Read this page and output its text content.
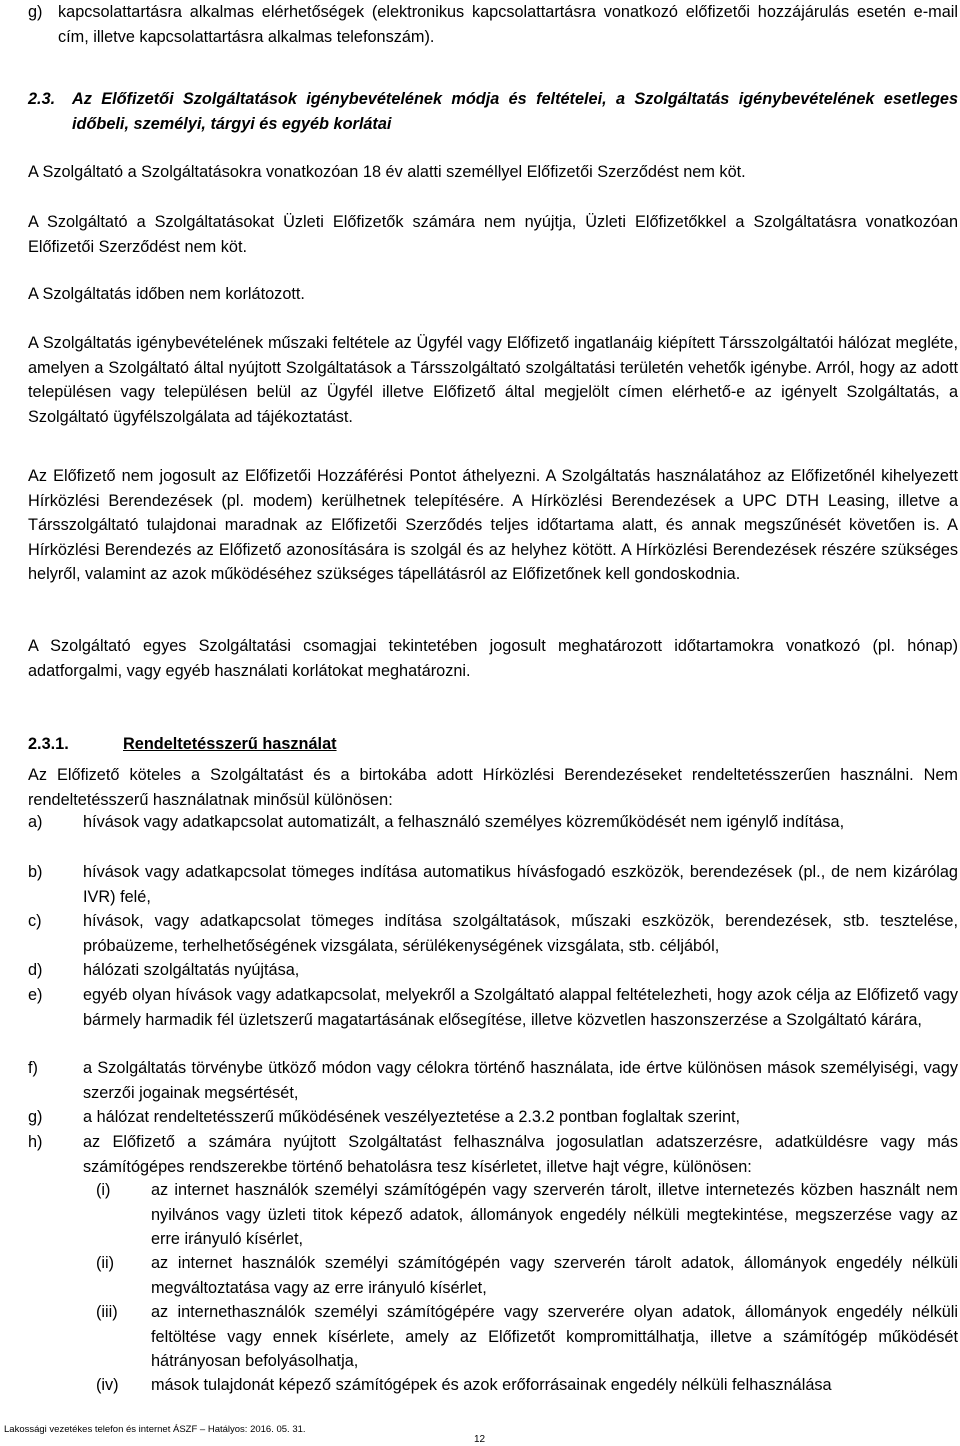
g) kapcsolattartásra alkalmas elérhetőségek (elektronikus kapcsolattartásra vonatkozó előfizetői hozzájárulás esetén e-mail cím, illetve kapcsolattartásra alkalmas telefonszám).
2.3.	Az Előfizetői Szolgáltatások igénybevételének módja és feltételei, a Szolgáltatás igénybevételének esetleges időbeli, személyi, tárgyi és egyéb korlátai

A Szolgáltató a Szolgáltatásokra vonatkozóan 18 év alatti személlyel Előfizetői Szerződést nem köt.

A Szolgáltató a Szolgáltatásokat Üzleti Előfizetők számára nem nyújtja, Üzleti Előfizetőkkel a Szolgáltatásra vonatkozóan Előfizetői Szerződést nem köt.

A Szolgáltatás időben nem korlátozott.

A Szolgáltatás igénybevételének műszaki feltétele az Ügyfél vagy Előfizető ingatlanáig kiépített Társszolgáltatói hálózat megléte, amelyen a Szolgáltató által nyújtott Szolgáltatások a Társszolgáltató szolgáltatási területén vehetők igénybe. Arról, hogy az adott településen vagy településen belül az Ügyfél illetve Előfizető által megjelölt címen elérhető-e az igényelt Szolgáltatás, a Szolgáltató ügyfélszolgálata ad tájékoztatást.

Az Előfizető nem jogosult az Előfizetői Hozzáférési Pontot áthelyezni. A Szolgáltatás használatához az Előfizetőnél kihelyezett Hírközlési Berendezések (pl. modem) kerülhetnek telepítésére. A Hírközlési Berendezések a UPC DTH Leasing, illetve a Társszolgáltató tulajdonai maradnak az Előfizetői Szerződés teljes időtartama alatt, és annak megszűnését követően is. A Hírközlési Berendezés az Előfizető azonosítására is szolgál és az helyhez kötött. A Hírközlési Berendezések részére szükséges helyről, valamint az azok működéséhez szükséges tápellátásról az Előfizetőnek kell gondoskodnia.

A Szolgáltató egyes Szolgáltatási csomagjai tekintetében jogosult meghatározott időtartamokra vonatkozó (pl. hónap) adatforgalmi, vagy egyéb használati korlátokat meghatározni.

2.3.1.	Rendeltetésszerű használat

Az Előfizető köteles a Szolgáltatást és a birtokába adott Hírközlési Berendezéseket rendeltetésszerűen használni. Nem rendeltetésszerű használatnak minősül különösen:

a)	hívások vagy adatkapcsolat automatizált, a felhasználó személyes közreműködését nem igénylő indítása,
b)	hívások vagy adatkapcsolat tömeges indítása automatikus hívásfogadó eszközök, berendezések (pl., de nem kizárólag IVR) felé,
c)	hívások, vagy adatkapcsolat tömeges indítása szolgáltatások, műszaki eszközök, berendezések, stb. tesztelése, próbaüzeme, terhelhetőségének vizsgálata, sérülékenységének vizsgálata, stb. céljából,
d)	hálózati szolgáltatás nyújtása,
e)	egyéb olyan hívások vagy adatkapcsolat, melyekről a Szolgáltató alappal feltételezheti, hogy azok célja az Előfizető vagy bármely harmadik fél üzletszerű magatartásának elősegítése, illetve közvetlen haszonszerzése a Szolgáltató kárára,
f)	a Szolgáltatás törvénybe ütköző módon vagy célokra történő használata, ide értve különösen mások személyiségi, vagy szerzői jogainak megsértését,
g)	a hálózat rendeltetésszerű működésének veszélyeztetése a 2.3.2 pontban foglaltak szerint,
h)	az Előfizető a számára nyújtott Szolgáltatást felhasználva jogosulatlan adatszerzésre, adatküldésre vagy más számítógépes rendszerekbe történő behatolásra tesz kísérletet, illetve hajt végre, különösen:
(i)	az internet használók személyi számítógépén vagy szerverén tárolt, illetve internetezés közben használt nem nyilvános vagy üzleti titok képező adatok, állományok engedély nélküli megtekintése, megszerzése vagy az erre irányuló kísérlet,
(ii)	az internet használók személyi számítógépén vagy szerverén tárolt adatok, állományok engedély nélküli megváltoztatása vagy az erre irányuló kísérlet,
(iii)	az internethasználók személyi számítógépére vagy szerverére olyan adatok, állományok engedély nélküli feltöltése vagy ennek kísérlete, amely az Előfizetőt kompromittálhatja, illetve a számítógép működését hátrányosan befolyásolhatja,
(iv)	mások tulajdonát képező számítógépek és azok erőforrásainak engedély nélküli felhasználása
Lakossági vezetékes telefon és internet ÁSZF – Hatályos: 2016. 05. 31.
12
